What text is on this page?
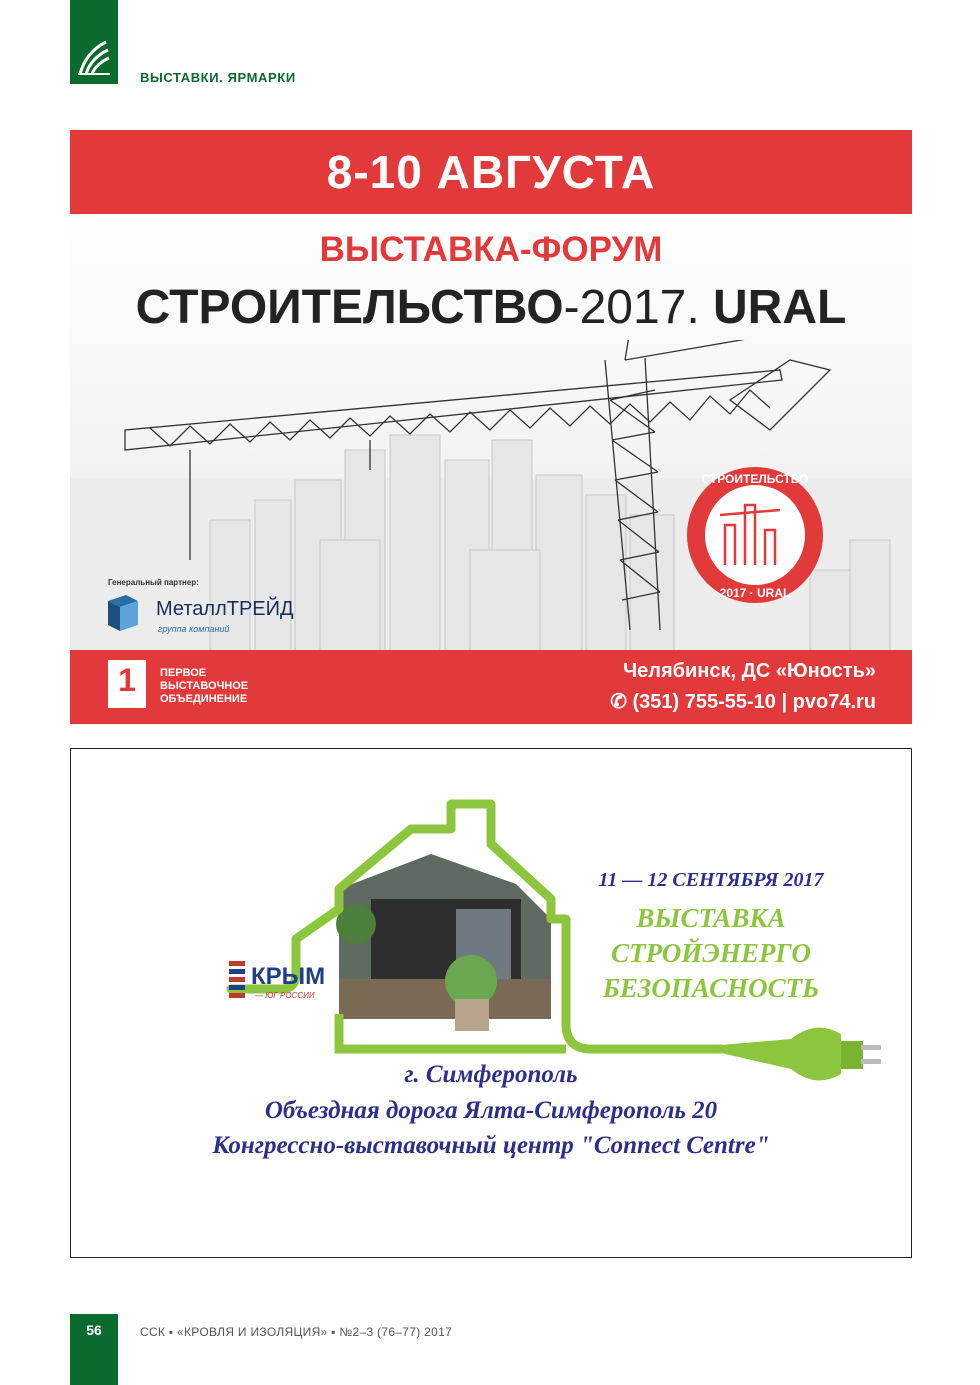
ВЫСТАВКИ. ЯРМАРКИ
8-10 АВГУСТА
ВЫСТАВКА-ФОРУМ
СТРОИТЕЛЬСТВО-2017. URAL
СТРОИТЕЛЬСТВО
2017 · URAL
Генеральный партнер:
МеталлТРЕЙД
группа компаний
1	ПЕРВОЕ
ВЫСТАВОЧНОЕ
ОБЪЕДИНЕНИЕ
Челябинск, ДС «Юность»
✆ (351) 755-55-10 | pvo74.ru
КРЫМ
— ЮГ РОССИИ
11 — 12 СЕНТЯБРЯ 2017
ВЫСТАВКА
СТРОЙЭНЕРГО
БЕЗОПАСНОСТЬ
г. Симферополь
Объездная дорога Ялта-Симферополь 20
Конгрессно-выставочный центр "Connect Centre"
56	ССК ▪ «КРОВЛЯ И ИЗОЛЯЦИЯ» ▪ №2–3 (76–77) 2017
